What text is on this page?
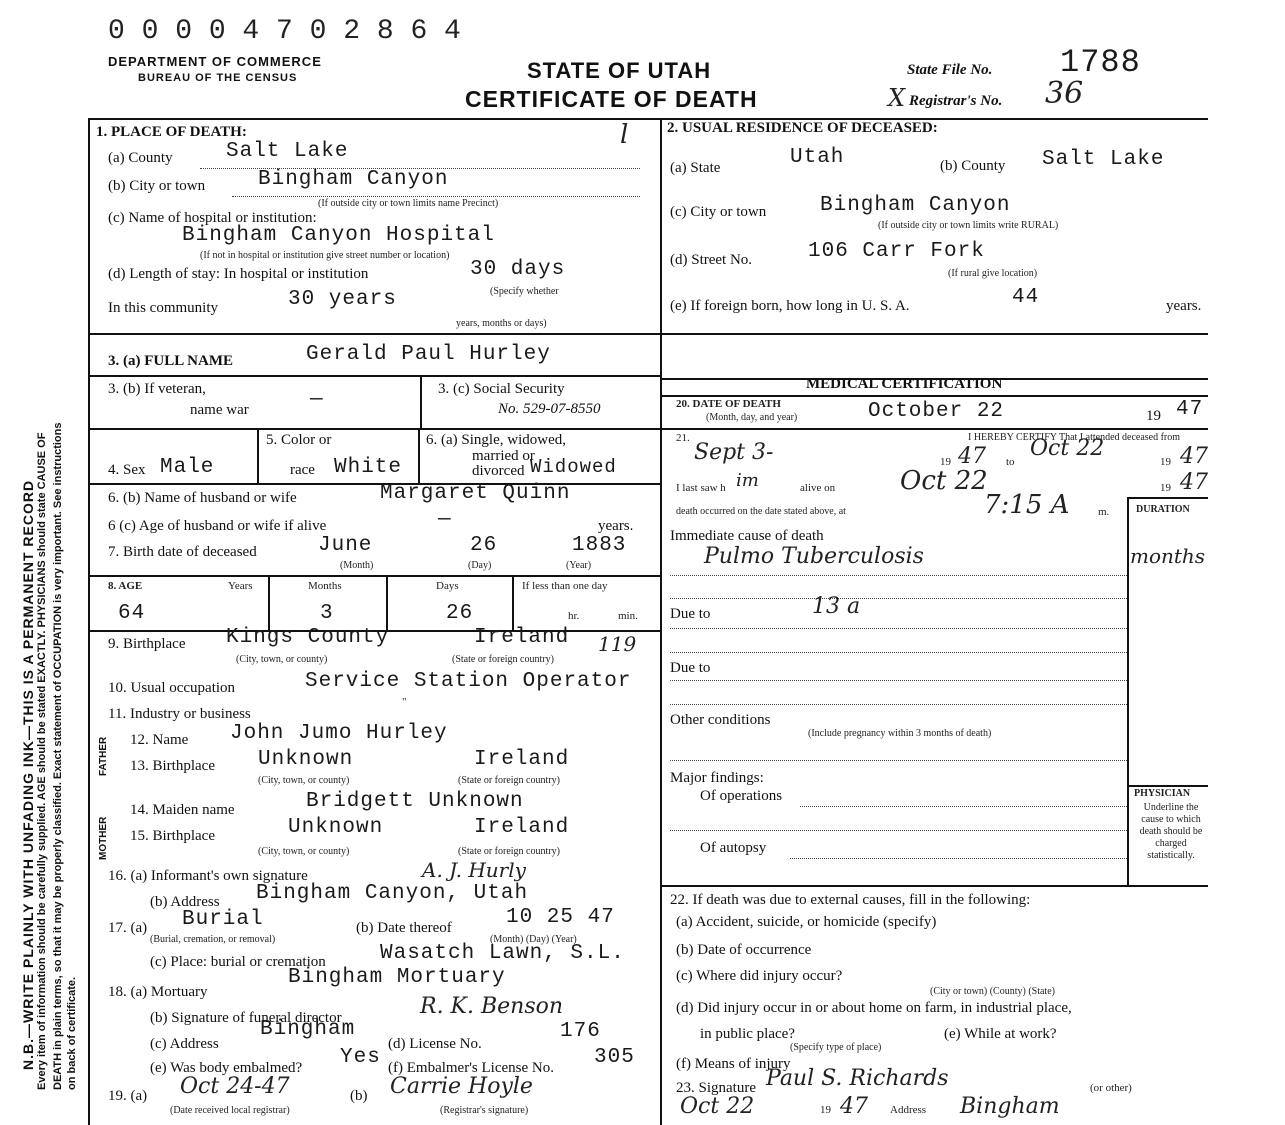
N.B.—WRITE PLAINLY WITH UNFADING INK—THIS IS A PERMANENT RECORD Every item of information should be carefully supplied. AGE should be stated EXACTLY. PHYSICIANS should state CAUSE OF DEATH in plain terms, so that it may be properly classified. Exact statement of OCCUPATION is very important. See instructions on back of certificate.
0 0 0 0 4 7 0 2 8 6 4
DEPARTMENT OF COMMERCE
BUREAU OF THE CENSUS	STATE OF UTAH
CERTIFICATE OF DEATH
State File No. 1788
X Registrar's No. 36
1. PLACE OF DEATH:	l
(a) County	Salt Lake
(b) City or town	Bingham Canyon
(If outside city or town limits name Precinct)
(c) Name of hospital or institution:
Bingham Canyon Hospital
(If not in hospital or institution give street number or location)
(d) Length of stay: In hospital or institution	30 days
In this community	30 years	(Specify whether
years, months or days)
2. USUAL RESIDENCE OF DECEASED:
(a) State	Utah	(b) County Salt Lake
(c) City or town	Bingham Canyon
(If outside city or town limits write RURAL)
(d) Street No.	106 Carr Fork
(If rural give location)
(e) If foreign born, how long in U. S. A.	44	years.
3. (a) FULL NAME	Gerald Paul Hurley
3. (b) If veteran,
name war	—	3. (c) Social Security
No. 529-07-8550
4. Sex Male
5. Color or
race White
6. (a) Single, widowed,
married or
divorced Widowed
6. (b) Name of husband or wife	Margaret Quinn
6 (c) Age of husband or wife if alive	—	years.
7. Birth date of deceased	June	26	1883
(Month)	(Day)	(Year)
8. AGE	Years	Months	Days	If less than one day
64	3	26	hr.	min.
9. Birthplace Kings County	Ireland 119
(City, town, or county)	(State or foreign country)
10. Usual occupation	Service Station Operator
11. Industry or business
"
FATHER
MOTHER
12. Name John Jumo Hurley
13. Birthplace Unknown	Ireland
(City, town, or county)	(State or foreign country)
14. Maiden name	Bridgett Unknown
15. Birthplace	Unknown	Ireland
(City, town, or county)	(State or foreign country)
16. (a) Informant's own signature	A. J. Hurly
(b) Address Bingham Canyon, Utah
17. (a) Burial
(Burial, cremation, or removal)
(b) Date thereof	10 25 47
(Month) (Day) (Year)
(c) Place: burial or cremation	Wasatch Lawn, S.L.
18. (a) Mortuary
Bingham Mortuary
(b) Signature of funeral director	R. K. Benson
(c) Address
Bingham
(d) License No.
176
(e) Was body embalmed? Yes (f) Embalmer's License No. 305
19. (a) Oct 24-47
(Date received local registrar)
(b) Carrie Hoyle
(Registrar's signature)
MEDICAL CERTIFICATION
20. DATE OF DEATH
(Month, day, and year)	October 22	19 47
21.	I HEREBY CERTIFY That I attended deceased from
Sept 3-	19 47 to
Oct 22
19 47
I last saw h im	alive on Oct 22	19 47
death occurred on the date stated above, at	7:15 A	m.	DURATION
Immediate cause of death
Pulmo Tuberculosis	months
Due to	13 a
Due to
Other conditions
(Include pregnancy within 3 months of death)
Major findings:
Of operations
Of autopsy
PHYSICIAN
Underline the cause to which death should be charged statistically.
22. If death was due to external causes, fill in the following:
(a) Accident, suicide, or homicide (specify)
(b) Date of occurrence
(c) Where did injury occur?
(City or town) (County) (State)
(d) Did injury occur in or about home on farm, in industrial place,
in public place?
(Specify type of place)
(e) While at work?
(f) Means of injury
23. Signature Paul S. Richards	(or other)
Oct 22	19 47 Address Bingham
